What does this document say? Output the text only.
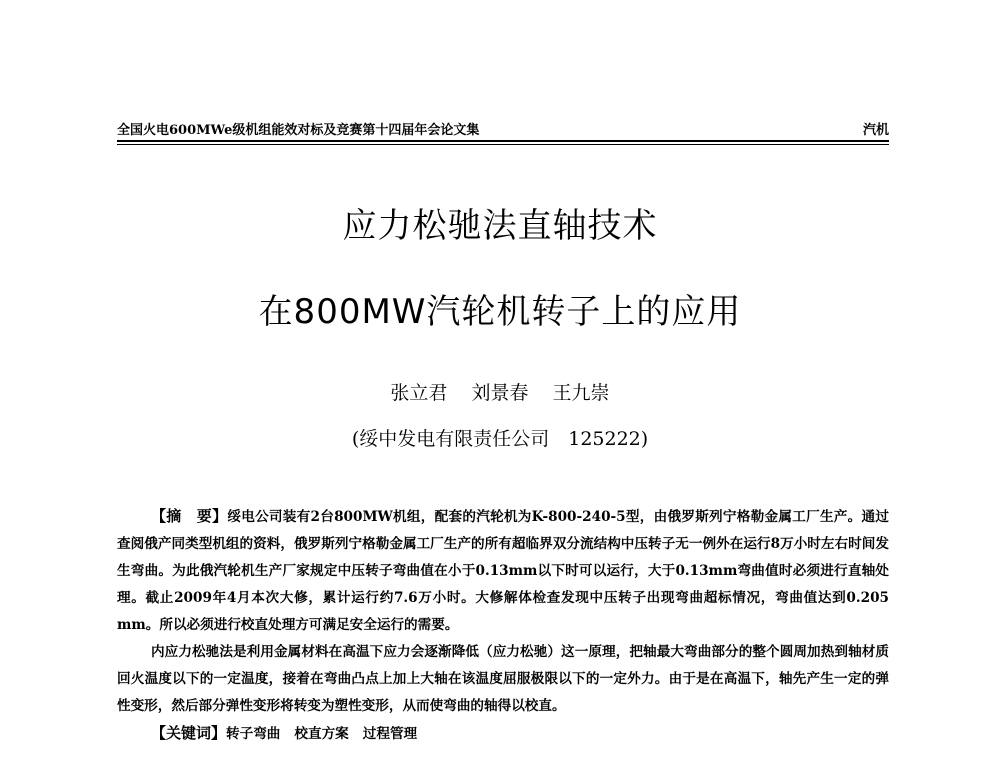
全国火电600MWe级机组能效对标及竞赛第十四届年会论文集	汽机
应力松驰法直轴技术
在800MW汽轮机转子上的应用
张立君 刘景春 王九崇
(绥中发电有限责任公司　125222)

【摘　要】绥电公司装有2台800MW机组，配套的汽轮机为K-800-240-5型，由俄罗斯列宁格勒金属工厂生产。通过查阅俄产同类型机组的资料，俄罗斯列宁格勒金属工厂生产的所有超临界双分流结构中压转子无一例外在运行8万小时左右时间发生弯曲。为此俄汽轮机生产厂家规定中压转子弯曲值在小于0.13mm以下时可以运行，大于0.13mm弯曲值时必须进行直轴处理。截止2009年4月本次大修，累计运行约7.6万小时。大修解体检查发现中压转子出现弯曲超标情况，弯曲值达到0.205 mm。所以必须进行校直处理方可满足安全运行的需要。

内应力松驰法是利用金属材料在高温下应力会逐渐降低（应力松驰）这一原理，把轴最大弯曲部分的整个圆周加热到轴材质回火温度以下的一定温度，接着在弯曲凸点上加上大轴在该温度屈服极限以下的一定外力。由于是在高温下，轴先产生一定的弹性变形，然后部分弹性变形将转变为塑性变形，从而使弯曲的轴得以校直。

【关键词】转子弯曲 校直方案 过程管理
